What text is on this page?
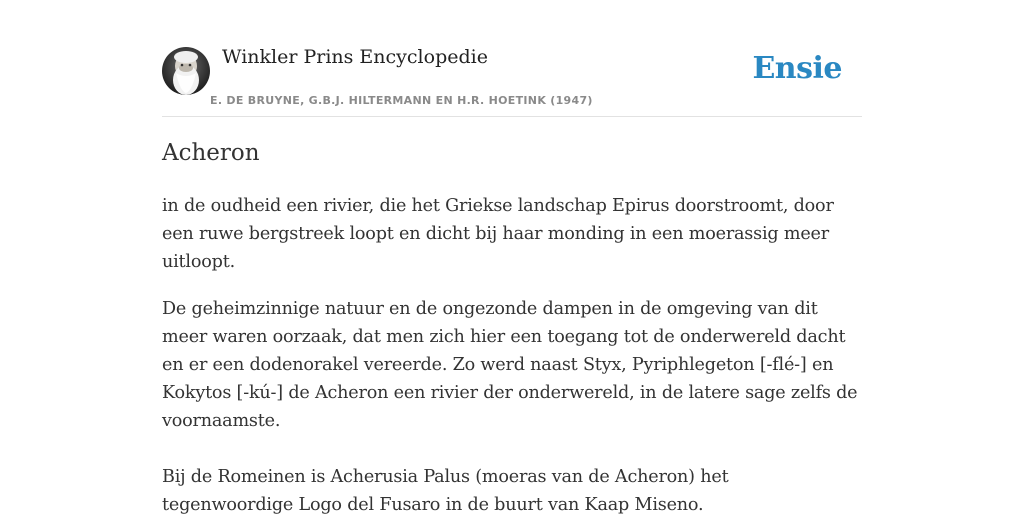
Winkler Prins Encyclopedie
E. DE BRUYNE, G.B.J. HILTERMANN EN H.R. HOETINK (1947)
Ensie
Acheron

in de oudheid een rivier, die het Griekse landschap Epirus doorstroomt, door een ruwe bergstreek loopt en dicht bij haar monding in een moerassig meer uitloopt.

De geheimzinnige natuur en de ongezonde dampen in de omgeving van dit meer waren oorzaak, dat men zich hier een toegang tot de onderwereld dacht en er een dodenorakel vereerde. Zo werd naast Styx, Pyriphlegeton [-flé-] en Kokytos [-kú-] de Acheron een rivier der onderwereld, in de latere sage zelfs de voornaamste.

Bij de Romeinen is Acherusia Palus (moeras van de Acheron) het tegenwoordige Logo del Fusaro in de buurt van Kaap Miseno.
